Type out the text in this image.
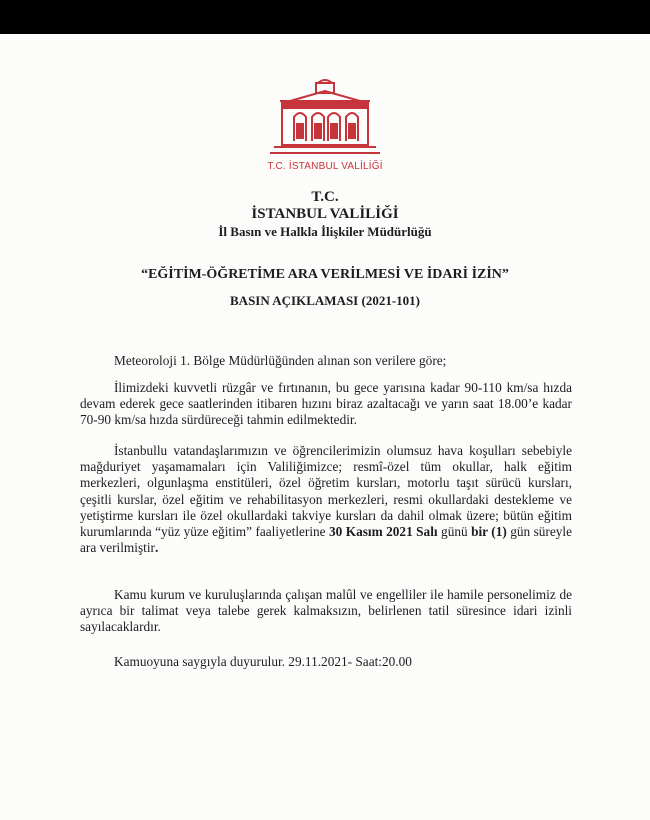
T.C. İSTANBUL VALİLİĞİ
T.C.
İSTANBUL VALİLİĞİ
İl Basın ve Halkla İlişkiler Müdürlüğü
“EĞİTİM-ÖĞRETİME ARA VERİLMESİ VE İDARİ İZİN”
BASIN AÇIKLAMASI (2021-101)

Meteoroloji 1. Bölge Müdürlüğünden alınan son verilere göre;

İlimizdeki kuvvetli rüzgâr ve fırtınanın, bu gece yarısına kadar 90-110 km/sa hızda devam ederek gece saatlerinden itibaren hızını biraz azaltacağı ve yarın saat 18.00’e kadar 70-90 km/sa hızda sürdüreceği tahmin edilmektedir.

İstanbullu vatandaşlarımızın ve öğrencilerimizin olumsuz hava koşulları sebebiyle mağduriyet yaşamamaları için Valiliğimizce; resmî-özel tüm okullar, halk eğitim merkezleri, olgunlaşma enstitüleri, özel öğretim kursları, motorlu taşıt sürücü kursları, çeşitli kurslar, özel eğitim ve rehabilitasyon merkezleri, resmi okullardaki destekleme ve yetiştirme kursları ile özel okullardaki takviye kursları da dahil olmak üzere; bütün eğitim kurumlarında “yüz yüze eğitim” faaliyetlerine 30 Kasım 2021 Salı günü bir (1) gün süreyle ara verilmiştir.

Kamu kurum ve kuruluşlarında çalışan malûl ve engelliler ile hamile personelimiz de ayrıca bir talimat veya talebe gerek kalmaksızın, belirlenen tatil süresince idari izinli sayılacaklardır.

Kamuoyuna saygıyla duyurulur. 29.11.2021- Saat:20.00
